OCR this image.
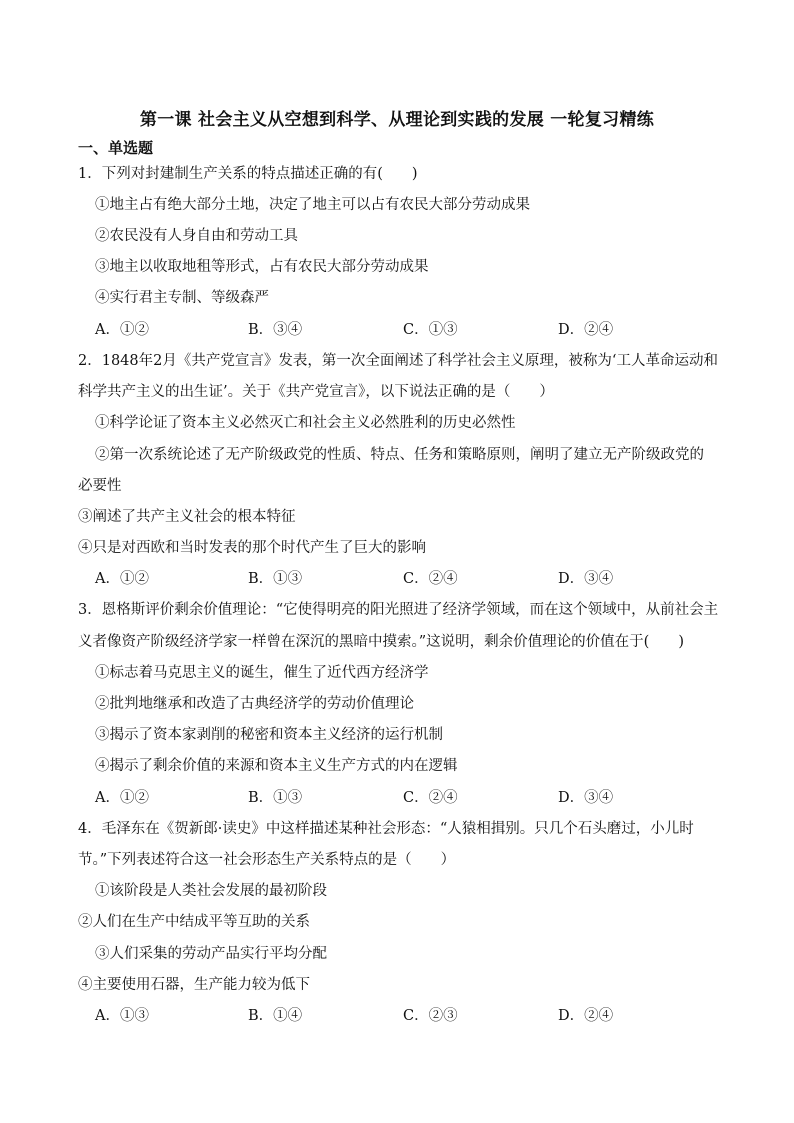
第一课 社会主义从空想到科学、从理论到实践的发展 一轮复习精练
一、单选题
1．下列对封建制生产关系的特点描述正确的有(　　)
①地主占有绝大部分土地，决定了地主可以占有农民大部分劳动成果
②农民没有人身自由和劳动工具
③地主以收取地租等形式，占有农民大部分劳动成果
④实行君主专制、等级森严
A．①②	B．③④	C．①③	D．②④
2．1848年2月《共产党宣言》发表，第一次全面阐述了科学社会主义原理，被称为‘工人革命运动和
科学共产主义的出生证’。关于《共产党宣言》，以下说法正确的是（　　）
①科学论证了资本主义必然灭亡和社会主义必然胜利的历史必然性
②第一次系统论述了无产阶级政党的性质、特点、任务和策略原则，阐明了建立无产阶级政党的
必要性
③阐述了共产主义社会的根本特征
④只是对西欧和当时发表的那个时代产生了巨大的影响
A．①②	B．①③	C．②④	D．③④
3．恩格斯评价剩余价值理论：“它使得明亮的阳光照进了经济学领域，而在这个领域中，从前社会主
义者像资产阶级经济学家一样曾在深沉的黑暗中摸索。”这说明，剩余价值理论的价值在于(　　)
①标志着马克思主义的诞生，催生了近代西方经济学
②批判地继承和改造了古典经济学的劳动价值理论
③揭示了资本家剥削的秘密和资本主义经济的运行机制
④揭示了剩余价值的来源和资本主义生产方式的内在逻辑
A．①②	B．①③	C．②④	D．③④
4．毛泽东在《贺新郎·读史》中这样描述某种社会形态：“人猿相揖别。只几个石头磨过，小儿时
节。”下列表述符合这一社会形态生产关系特点的是（　　）
①该阶段是人类社会发展的最初阶段
②人们在生产中结成平等互助的关系
③人们采集的劳动产品实行平均分配
④主要使用石器，生产能力较为低下
A．①③	B．①④	C．②③	D．②④
